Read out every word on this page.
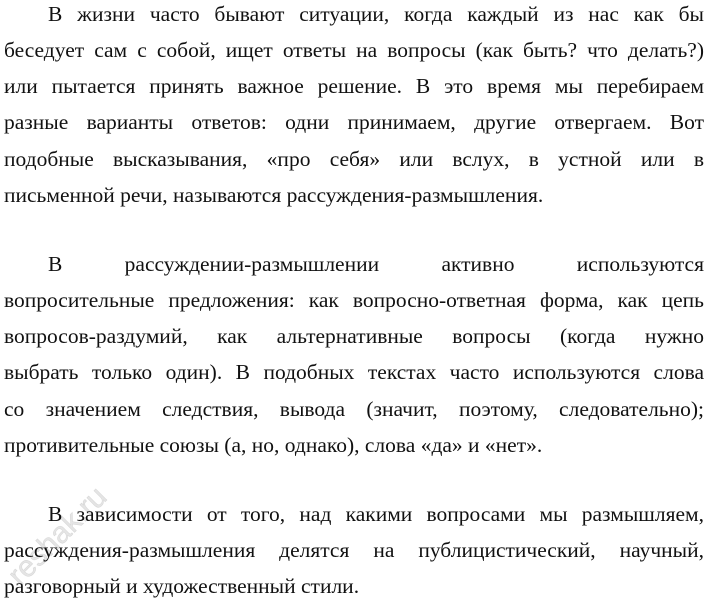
В жизни часто бывают ситуации, когда каждый из нас как бы
беседует сам с собой, ищет ответы на вопросы (как быть? что делать?)
или пытается принять важное решение. В это время мы перебираем
разные варианты ответов: одни принимаем, другие отвергаем. Вот
подобные высказывания, «про себя» или вслух, в устной или в
письменной речи, называются рассуждения-размышления.
В рассуждении-размышлении активно используются
вопросительные предложения: как вопросно-ответная форма, как цепь
вопросов-раздумий, как альтернативные вопросы (когда нужно
выбрать только один). В подобных текстах часто используются слова
со значением следствия, вывода (значит, поэтому, следовательно);
противительные союзы (а, но, однако), слова «да» и «нет».
В зависимости от того, над какими вопросами мы размышляем,
рассуждения-размышления делятся на публицистический, научный,
разговорный и художественный стили.
reshak.ru
